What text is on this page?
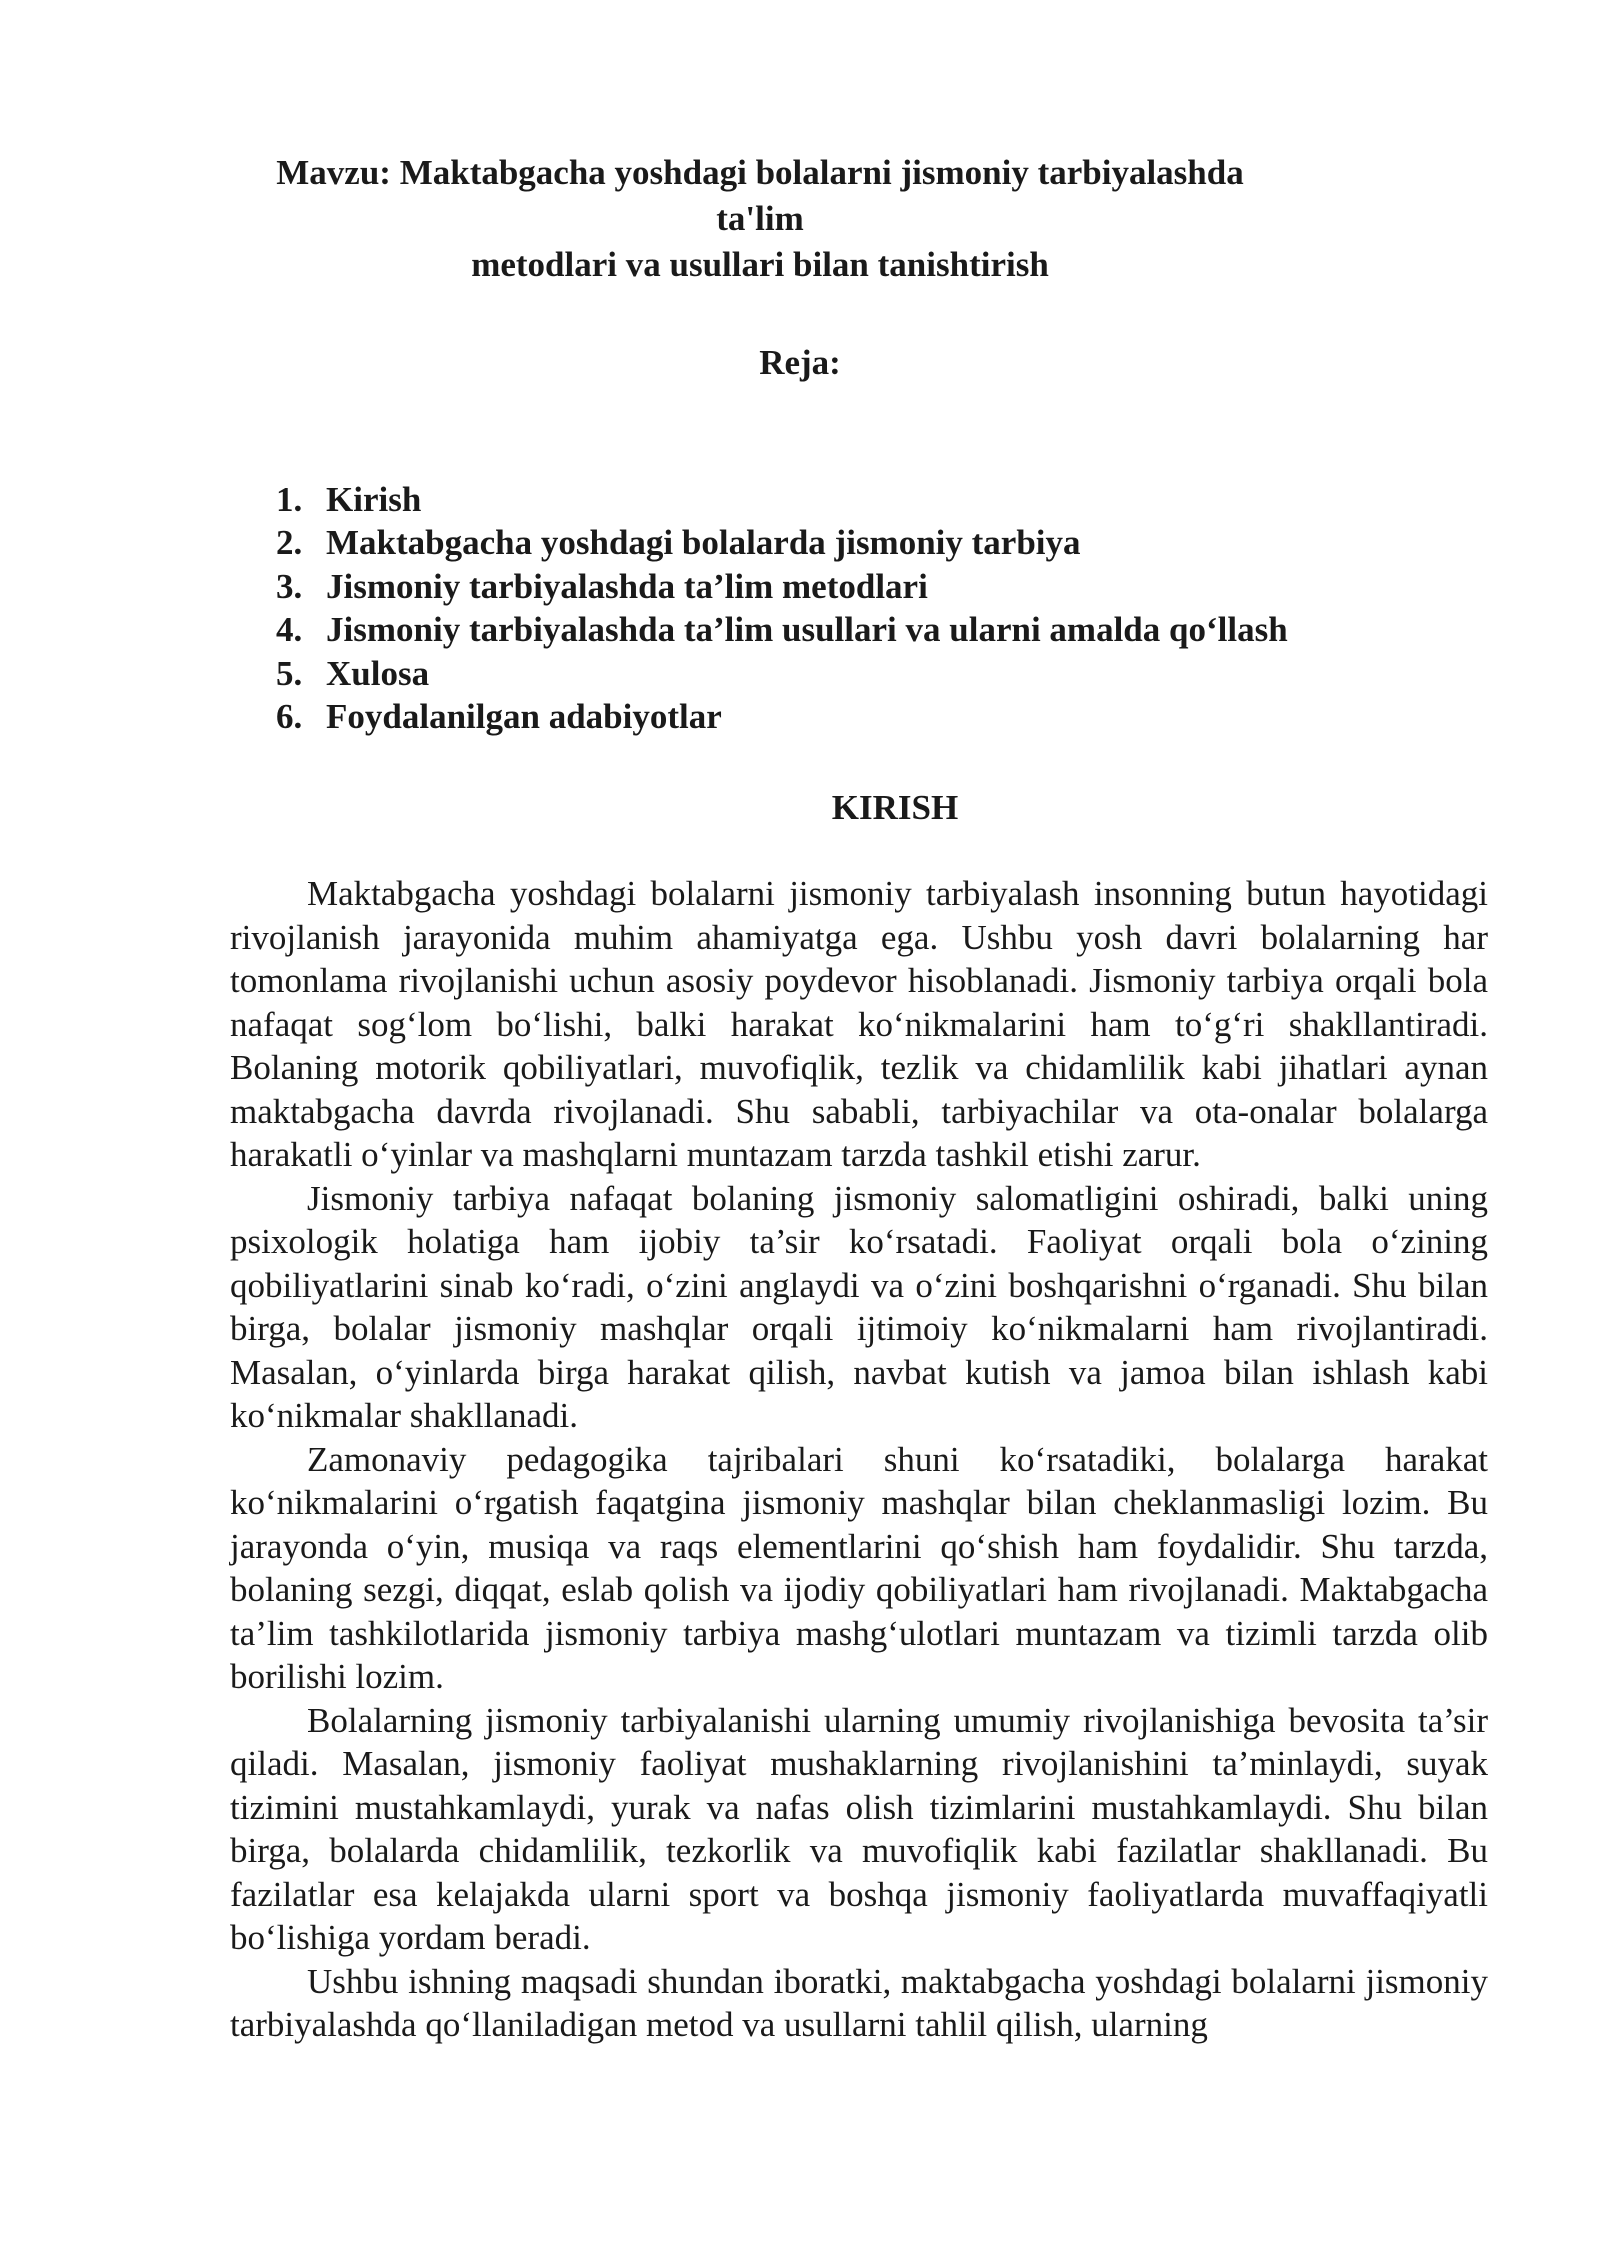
Mavzu: Maktabgacha yoshdagi bolalarni jismoniy tarbiyalashda ta'lim
metodlari va usullari bilan tanishtirish
Reja:
1. Kirish
2. Maktabgacha yoshdagi bolalarda jismoniy tarbiya
3. Jismoniy tarbiyalashda ta’lim metodlari
4. Jismoniy tarbiyalashda ta’lim usullari va ularni amalda qo‘llash
5. Xulosa
6. Foydalanilgan adabiyotlar
KIRISH

Maktabgacha yoshdagi bolalarni jismoniy tarbiyalash insonning butun hayotidagi rivojlanish jarayonida muhim ahamiyatga ega. Ushbu yosh davri bolalarning har tomonlama rivojlanishi uchun asosiy poydevor hisoblanadi. Jismoniy tarbiya orqali bola nafaqat sog‘lom bo‘lishi, balki harakat ko‘nikmalarini ham to‘g‘ri shakllantiradi. Bolaning motorik qobiliyatlari, muvofiqlik, tezlik va chidamlilik kabi jihatlari aynan maktabgacha davrda rivojlanadi. Shu sababli, tarbiyachilar va ota-onalar bolalarga harakatli o‘yinlar va mashqlarni muntazam tarzda tashkil etishi zarur.

Jismoniy tarbiya nafaqat bolaning jismoniy salomatligini oshiradi, balki uning psixologik holatiga ham ijobiy ta’sir ko‘rsatadi. Faoliyat orqali bola o‘zining qobiliyatlarini sinab ko‘radi, o‘zini anglaydi va o‘zini boshqarishni o‘rganadi. Shu bilan birga, bolalar jismoniy mashqlar orqali ijtimoiy ko‘nikmalarni ham rivojlantiradi. Masalan, o‘yinlarda birga harakat qilish, navbat kutish va jamoa bilan ishlash kabi ko‘nikmalar shakllanadi.

Zamonaviy pedagogika tajribalari shuni ko‘rsatadiki, bolalarga harakat ko‘nikmalarini o‘rgatish faqatgina jismoniy mashqlar bilan cheklanmasligi lozim. Bu jarayonda o‘yin, musiqa va raqs elementlarini qo‘shish ham foydalidir. Shu tarzda, bolaning sezgi, diqqat, eslab qolish va ijodiy qobiliyatlari ham rivojlanadi. Maktabgacha ta’lim tashkilotlarida jismoniy tarbiya mashg‘ulotlari muntazam va tizimli tarzda olib borilishi lozim.

Bolalarning jismoniy tarbiyalanishi ularning umumiy rivojlanishiga bevosita ta’sir qiladi. Masalan, jismoniy faoliyat mushaklarning rivojlanishini ta’minlaydi, suyak tizimini mustahkamlaydi, yurak va nafas olish tizimlarini mustahkamlaydi. Shu bilan birga, bolalarda chidamlilik, tezkorlik va muvofiqlik kabi fazilatlar shakllanadi. Bu fazilatlar esa kelajakda ularni sport va boshqa jismoniy faoliyatlarda muvaffaqiyatli bo‘lishiga yordam beradi.

Ushbu ishning maqsadi shundan iboratki, maktabgacha yoshdagi bolalarni jismoniy tarbiyalashda qo‘llaniladigan metod va usullarni tahlil qilish, ularning
